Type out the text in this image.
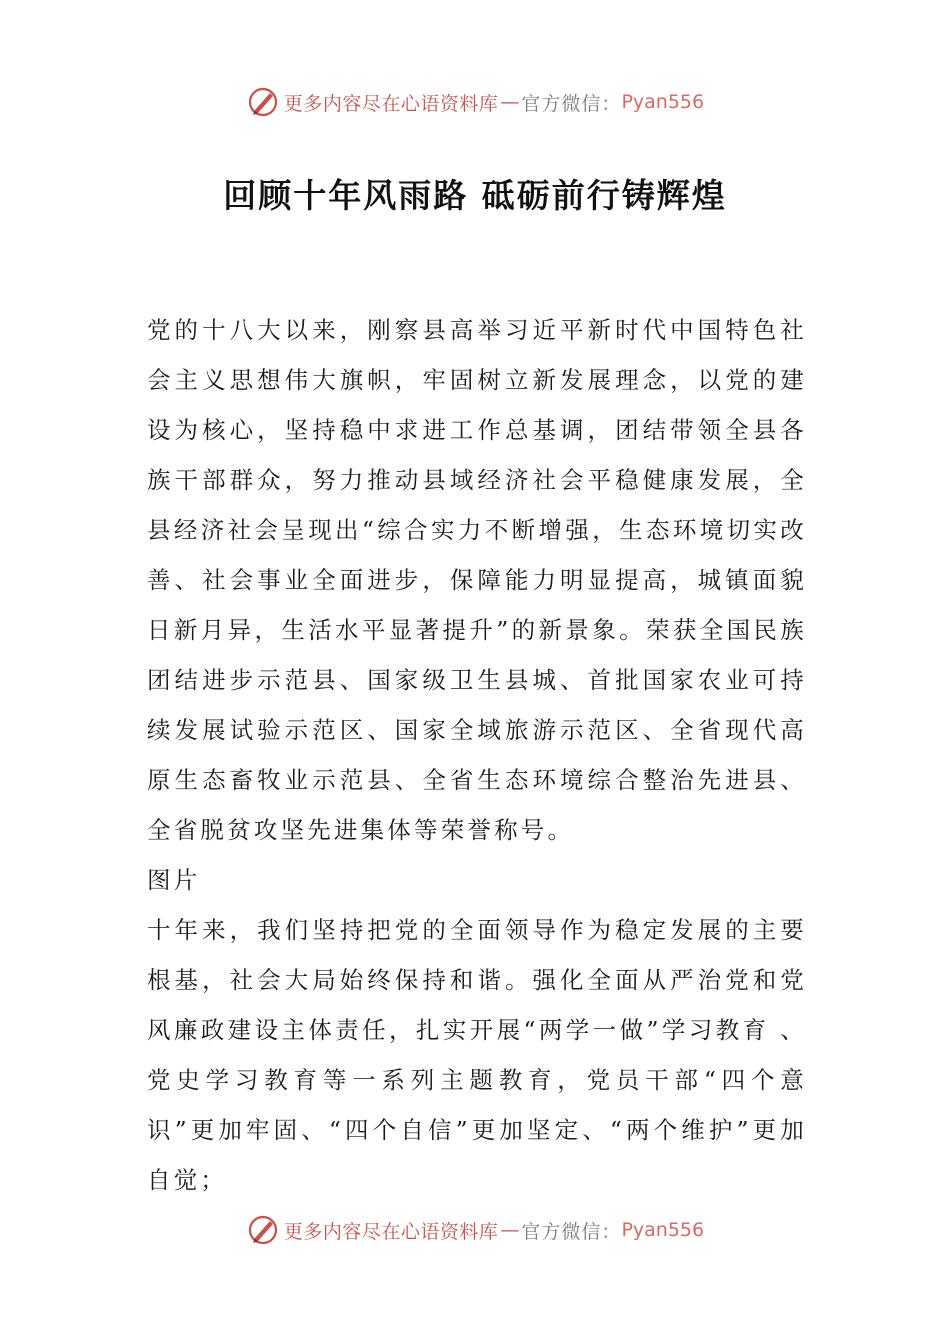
更多内容尽在心语资料库 — 官方微信： Pyan556
回顾十年风雨路 砥砺前行铸辉煌

党的十八大以来，刚察县高举习近平新时代中国特色社会主义思想伟大旗帜，牢固树立新发展理念，以党的建设为核心，坚持稳中求进工作总基调，团结带领全县各族干部群众，努力推动县域经济社会平稳健康发展，全县经济社会呈现出“综合实力不断增强，生态环境切实改善、社会事业全面进步，保障能力明显提高，城镇面貌日新月异，生活水平显著提升”的新景象。荣获全国民族团结进步示范县、国家级卫生县城、首批国家农业可持续发展试验示范区、国家全域旅游示范区、全省现代高原生态畜牧业示范县、全省生态环境综合整治先进县、全省脱贫攻坚先进集体等荣誉称号。

图片

十年来，我们坚持把党的全面领导作为稳定发展的主要根基，社会大局始终保持和谐。强化全面从严治党和党风廉政建设主体责任，扎实开展“两学一做”学习教育 、党史学习教育等一系列主题教育，党员干部“四个意识”更加牢固、“四个自信”更加坚定、“两个维护”更加自觉；

更多内容尽在心语资料库 — 官方微信： Pyan556
